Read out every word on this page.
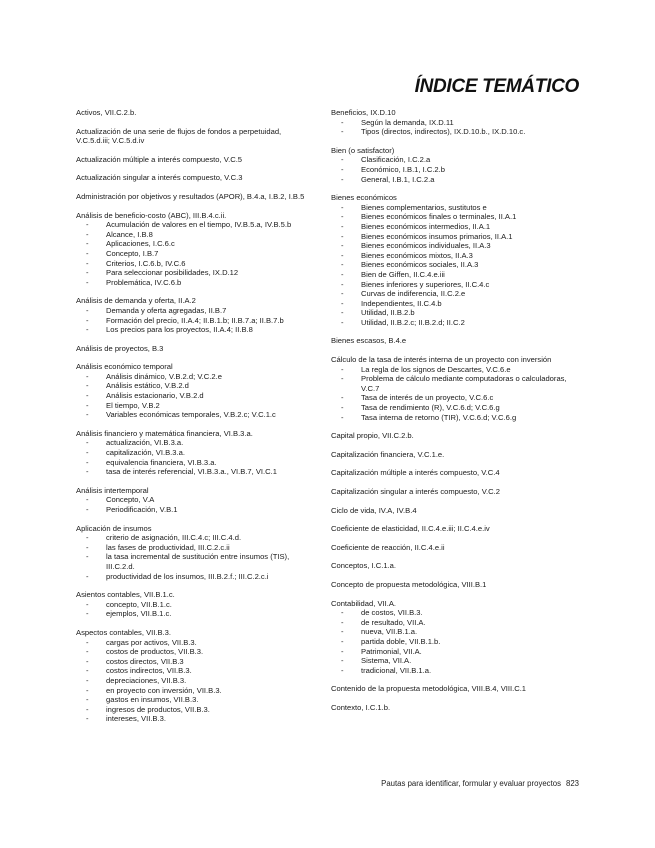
ÍNDICE TEMÁTICO
Activos, VII.C.2.b.
Actualización de una serie de flujos de fondos a perpetuidad, V.C.5.d.iii; V.C.5.d.iv
Actualización múltiple a interés compuesto, V.C.5
Actualización singular a interés compuesto, V.C.3
Administración por objetivos y resultados (APOR), B.4.a, I.B.2, I.B.5
Análisis de beneficio-costo (ABC), III.B.4.c.ii.
- Acumulación de valores en el tiempo, IV.B.5.a, IV.B.5.b
- Alcance, I.B.8
- Aplicaciones, I.C.6.c
- Concepto, I.B.7
- Criterios, I.C.6.b, IV.C.6
- Para seleccionar posibilidades, IX.D.12
- Problemática, IV.C.6.b
Análisis de demanda y oferta, II.A.2
- Demanda y oferta agregadas, II.B.7
- Formación del precio, II.A.4; II.B.1.b; II.B.7.a; II.B.7.b
- Los precios para los proyectos, II.A.4; II.B.8
Análisis de proyectos, B.3
Análisis económico temporal
- Análisis dinámico, V.B.2.d; V.C.2.e
- Análisis estático, V.B.2.d
- Análisis estacionario, V.B.2.d
- El tiempo, V.B.2
- Variables económicas temporales, V.B.2.c; V.C.1.c
Análisis financiero y matemática financiera, VI.B.3.a.
- actualización, VI.B.3.a.
- capitalización, VI.B.3.a.
- equivalencia financiera, VI.B.3.a.
- tasa de interés referencial, VI.B.3.a., VI.B.7, VI.C.1
Análisis intertemporal
- Concepto, V.A
- Periodificación, V.B.1
Aplicación de insumos
- criterio de asignación, III.C.4.c; III.C.4.d.
- las fases de productividad, III.C.2.c.ii
- la tasa incremental de sustitución entre insumos (TIS), III.C.2.d.
- productividad de los insumos, III.B.2.f.; III.C.2.c.i
Asientos contables, VII.B.1.c.
- concepto, VII.B.1.c.
- ejemplos, VII.B.1.c.
Aspectos contables, VII.B.3.
- cargas por activos, VII.B.3.
- costos de productos, VII.B.3.
- costos directos, VII.B.3
- costos indirectos, VII.B.3.
- depreciaciones, VII.B.3.
- en proyecto con inversión, VII.B.3.
- gastos en insumos, VII.B.3.
- ingresos de productos, VII.B.3.
- intereses, VII.B.3.
Beneficios, IX.D.10
- Según la demanda, IX.D.11
- Tipos (directos, indirectos), IX.D.10.b., IX.D.10.c.
Bien (o satisfactor)
- Clasificación, I.C.2.a
- Económico, I.B.1, I.C.2.b
- General, I.B.1, I.C.2.a
Bienes económicos
- Bienes complementarios, sustitutos e
- Bienes económicos finales o terminales, II.A.1
- Bienes económicos intermedios, II.A.1
- Bienes económicos insumos primarios, II.A.1
- Bienes económicos individuales, II.A.3
- Bienes económicos mixtos, II.A.3
- Bienes económicos sociales, II.A.3
- Bien de Giffen, II.C.4.e.iii
- Bienes inferiores y superiores, II.C.4.c
- Curvas de indiferencia, II.C.2.e
- Independientes, II.C.4.b
- Utilidad, II.B.2.b
- Utilidad, II.B.2.c; II.B.2.d; II.C.2
Bienes escasos, B.4.e
Cálculo de la tasa de interés interna de un proyecto con inversión
- La regla de los signos de Descartes, V.C.6.e
- Problema de cálculo mediante computadoras o calculadoras, V.C.7
- Tasa de interés de un proyecto, V.C.6.c
- Tasa de rendimiento (R), V.C.6.d; V.C.6.g
- Tasa interna de retorno (TIR), V.C.6.d; V.C.6.g
Capital propio, VII.C.2.b.
Capitalización financiera, V.C.1.e.
Capitalización múltiple a interés compuesto, V.C.4
Capitalización singular a interés compuesto, V.C.2
Ciclo de vida, IV.A, IV.B.4
Coeficiente de elasticidad, II.C.4.e.iii; II.C.4.e.iv
Coeficiente de reacción, II.C.4.e.ii
Conceptos, I.C.1.a.
Concepto de propuesta metodológica, VIII.B.1
Contabilidad, VII.A.
- de costos, VII.B.3.
- de resultado, VII.A.
- nueva, VII.B.1.a.
- partida doble, VII.B.1.b.
- Patrimonial, VII.A.
- Sistema, VII.A.
- tradicional, VII.B.1.a.
Contenido de la propuesta metodológica, VIII.B.4, VIII.C.1
Contexto, I.C.1.b.
Pautas para identificar, formular y evaluar proyectos 823
